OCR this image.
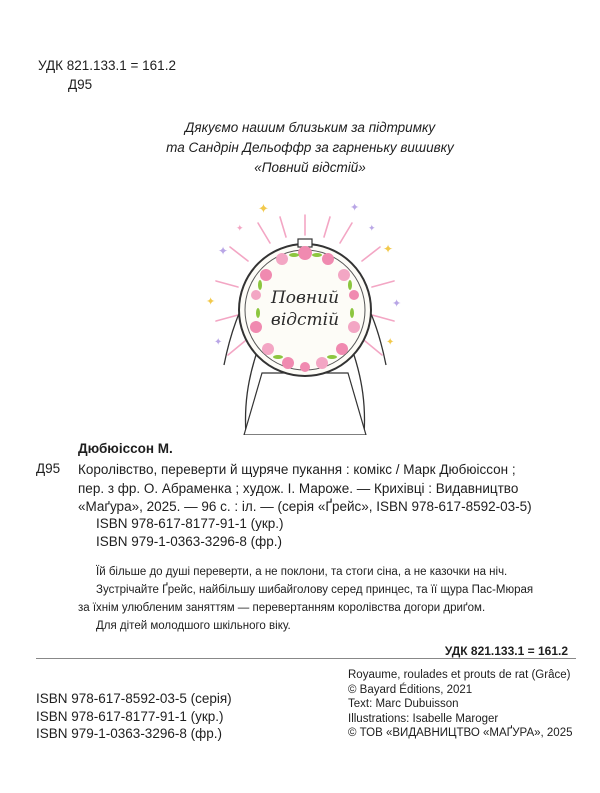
УДК 821.133.1 = 161.2
Д95
Дякуємо нашим близьким за підтримку
та Сандрін Дельоффр за гарненьку вишивку
«Повний відстій»
✦	✦
✦	✦
✦	✦
✦	✦
✦	✦
Повний
відстій
Дюбюіссон М.
Д95 Королівство, переверти й щуряче пукання : комікс / Марк Дюбюіссон ;
пер. з фр. О. Абраменка ; худож. І. Мароже. — Крихівці : Видавництво
«Маґура», 2025. — 96 с. : іл. — (серія «Ґрейс», ISBN 978-617-8592-03-5)
ISBN 978-617-8177-91-1 (укр.)
ISBN 979-1-0363-3296-8 (фр.)
Їй більше до душі переверти, а не поклони, та стоги сіна, а не казочки на ніч.
Зустрічайте Ґрейс, найбільшу шибайголову серед принцес, та її щура Пас-Мюрая
за їхнім улюбленим заняттям — перевертанням королівства догори дриґом.
Для дітей молодшого шкільного віку.
УДК 821.133.1 = 161.2
Royaume, roulades et prouts de rat (Grâce)
© Bayard Éditions, 2021
Text: Marc Dubuisson
Illustrations: Isabelle Maroger
© ТОВ «ВИДАВНИЦТВО «МАҐУРА», 2025
ISBN 978-617-8592-03-5 (серія)
ISBN 978-617-8177-91-1 (укр.)
ISBN 979-1-0363-3296-8 (фр.)
